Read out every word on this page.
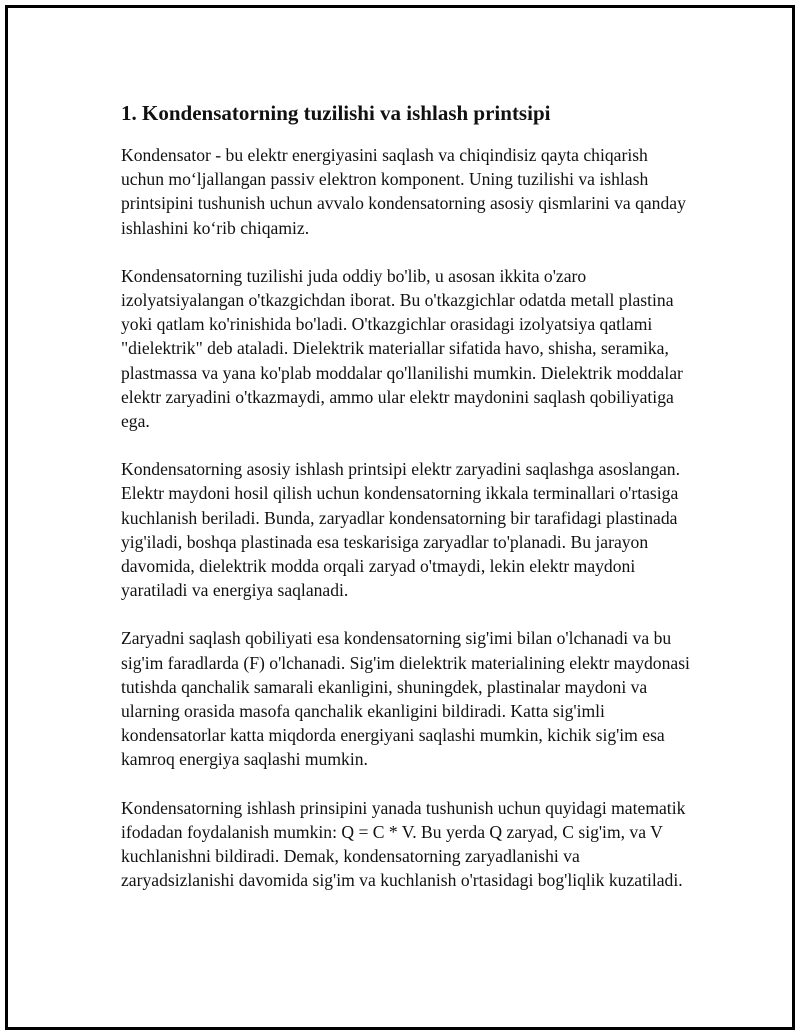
1. Kondensatorning tuzilishi va ishlash printsipi

Kondensator - bu elektr energiyasini saqlash va chiqindisiz qayta chiqarish uchun moʻljallangan passiv elektron komponent. Uning tuzilishi va ishlash printsipini tushunish uchun avvalo kondensatorning asosiy qismlarini va qanday ishlashini koʻrib chiqamiz.

Kondensatorning tuzilishi juda oddiy bo'lib, u asosan ikkita o'zaro izolyatsiyalangan o'tkazgichdan iborat. Bu o'tkazgichlar odatda metall plastina yoki qatlam ko'rinishida bo'ladi. O'tkazgichlar orasidagi izolyatsiya qatlami "dielektrik" deb ataladi. Dielektrik materiallar sifatida havo, shisha, seramika, plastmassa va yana ko'plab moddalar qo'llanilishi mumkin. Dielektrik moddalar elektr zaryadini o'tkazmaydi, ammo ular elektr maydonini saqlash qobiliyatiga ega.

Kondensatorning asosiy ishlash printsipi elektr zaryadini saqlashga asoslangan. Elektr maydoni hosil qilish uchun kondensatorning ikkala terminallari o'rtasiga kuchlanish beriladi. Bunda, zaryadlar kondensatorning bir tarafidagi plastinada yig'iladi, boshqa plastinada esa teskarisiga zaryadlar to'planadi. Bu jarayon davomida, dielektrik modda orqali zaryad o'tmaydi, lekin elektr maydoni yaratiladi va energiya saqlanadi.

Zaryadni saqlash qobiliyati esa kondensatorning sig'imi bilan o'lchanadi va bu sig'im faradlarda (F) o'lchanadi. Sig'im dielektrik materialining elektr maydonasi tutishda qanchalik samarali ekanligini, shuningdek, plastinalar maydoni va ularning orasida masofa qanchalik ekanligini bildiradi. Katta sig'imli kondensatorlar katta miqdorda energiyani saqlashi mumkin, kichik sig'im esa kamroq energiya saqlashi mumkin.

Kondensatorning ishlash prinsipini yanada tushunish uchun quyidagi matematik ifodadan foydalanish mumkin: Q = C * V. Bu yerda Q zaryad, C sig'im, va V kuchlanishni bildiradi. Demak, kondensatorning zaryadlanishi va zaryadsizlanishi davomida sig'im va kuchlanish o'rtasidagi bog'liqlik kuzatiladi.
